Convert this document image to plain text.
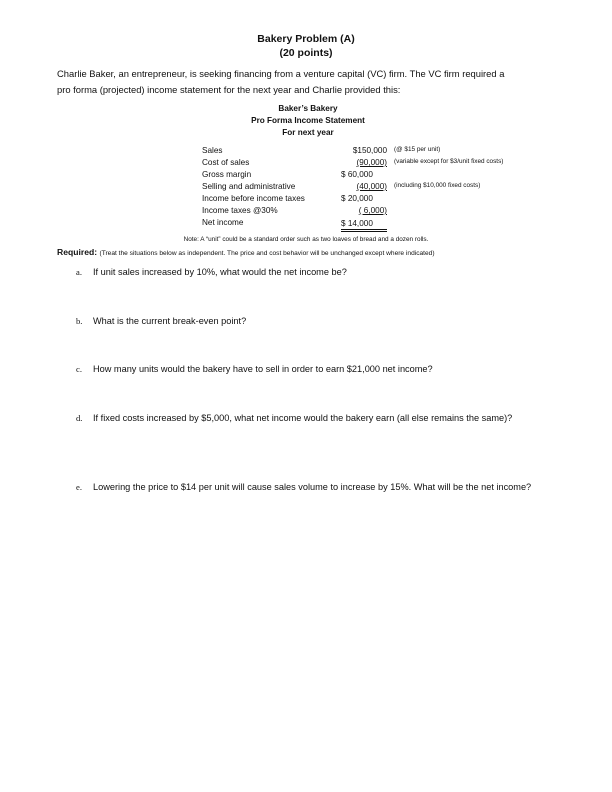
Bakery Problem (A)
(20 points)
Charlie Baker, an entrepreneur, is seeking financing from a venture capital (VC) firm. The VC firm required a
pro forma (projected) income statement for the next year and Charlie provided this:
Baker’s Bakery
Pro Forma Income Statement
For next year
Sales	$150,000 (@ $15 per unit)
Cost of sales	(90,000) (variable except for $3/unit fixed costs)
Gross margin	$ 60,000
Selling and administrative	(40,000) (including $10,000 fixed costs)
Income before income taxes	$ 20,000
Income taxes @30%	( 6,000)
Net income	$ 14,000
Note: A “unit” could be a standard order such as two loaves of bread and a dozen rolls.
Required: (Treat the situations below as independent. The price and cost behavior will be unchanged except where indicated)
a. If unit sales increased by 10%, what would the net income be?
b. What is the current break-even point?
c. How many units would the bakery have to sell in order to earn $21,000 net income?
d. If fixed costs increased by $5,000, what net income would the bakery earn (all else remains the same)?
e. Lowering the price to $14 per unit will cause sales volume to increase by 15%. What will be the net income?
